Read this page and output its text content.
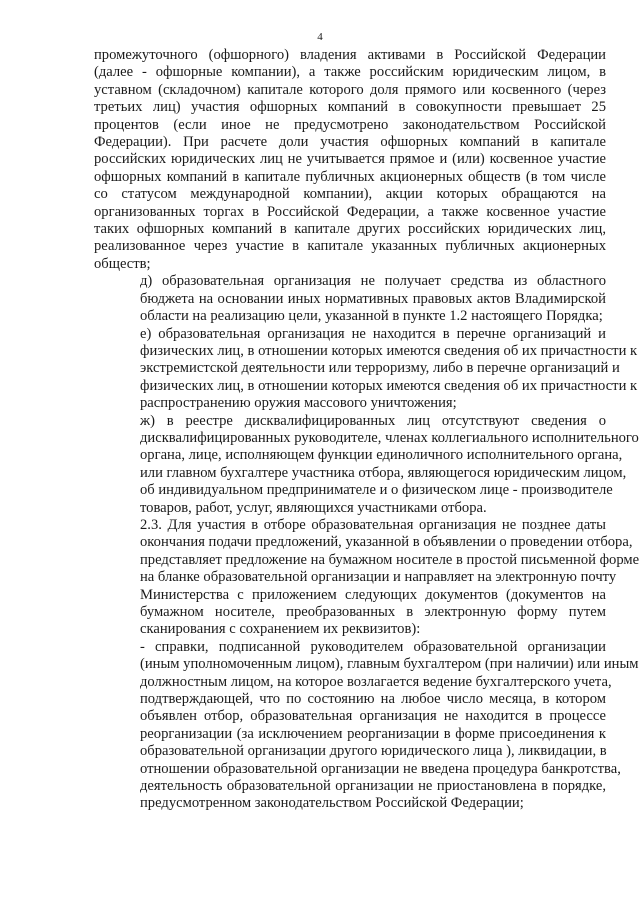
4
промежуточного (офшорного) владения активами в Российской Федерации
(далее - офшорные компании), а также российским юридическим лицом, в
уставном (складочном) капитале которого доля прямого или косвенного (через
третьих лиц) участия офшорных компаний в совокупности превышает 25
процентов (если иное не предусмотрено законодательством Российской
Федерации). При расчете доли участия офшорных компаний в капитале
российских юридических лиц не учитывается прямое и (или) косвенное участие
офшорных компаний в капитале публичных акционерных обществ (в том числе
со статусом международной компании), акции которых обращаются на
организованных торгах в Российской Федерации, а также косвенное участие
таких офшорных компаний в капитале других российских юридических лиц,
реализованное через участие в капитале указанных публичных акционерных
обществ;
д) образовательная организация не получает средства из областного
бюджета на основании иных нормативных правовых актов Владимирской
области на реализацию цели, указанной в пункте 1.2 настоящего Порядка;
е) образовательная организация не находится в перечне организаций и
физических лиц, в отношении которых имеются сведения об их причастности к
экстремистской деятельности или терроризму, либо в перечне организаций и
физических лиц, в отношении которых имеются сведения об их причастности к
распространению оружия массового уничтожения;
ж) в реестре дисквалифицированных лиц отсутствуют сведения о
дисквалифицированных руководителе, членах коллегиального исполнительного
органа, лице, исполняющем функции единоличного исполнительного органа,
или главном бухгалтере участника отбора, являющегося юридическим лицом,
об индивидуальном предпринимателе и о физическом лице - производителе
товаров, работ, услуг, являющихся участниками отбора.
2.3. Для участия в отборе образовательная организация не позднее даты
окончания подачи предложений, указанной в объявлении о проведении отбора,
представляет предложение на бумажном носителе в простой письменной форме
на бланке образовательной организации и направляет на электронную почту
Министерства с приложением следующих документов (документов на
бумажном носителе, преобразованных в электронную форму путем
сканирования с сохранением их реквизитов):
- справки, подписанной руководителем образовательной организации
(иным уполномоченным лицом), главным бухгалтером (при наличии) или иным
должностным лицом, на которое возлагается ведение бухгалтерского учета,
подтверждающей, что по состоянию на любое число месяца, в котором
объявлен отбор, образовательная организация не находится в процессе
реорганизации (за исключением реорганизации в форме присоединения к
образовательной организации другого юридического лица ), ликвидации, в
отношении образовательной организации не введена процедура банкротства,
деятельность образовательной организации не приостановлена в порядке,
предусмотренном законодательством Российской Федерации;
